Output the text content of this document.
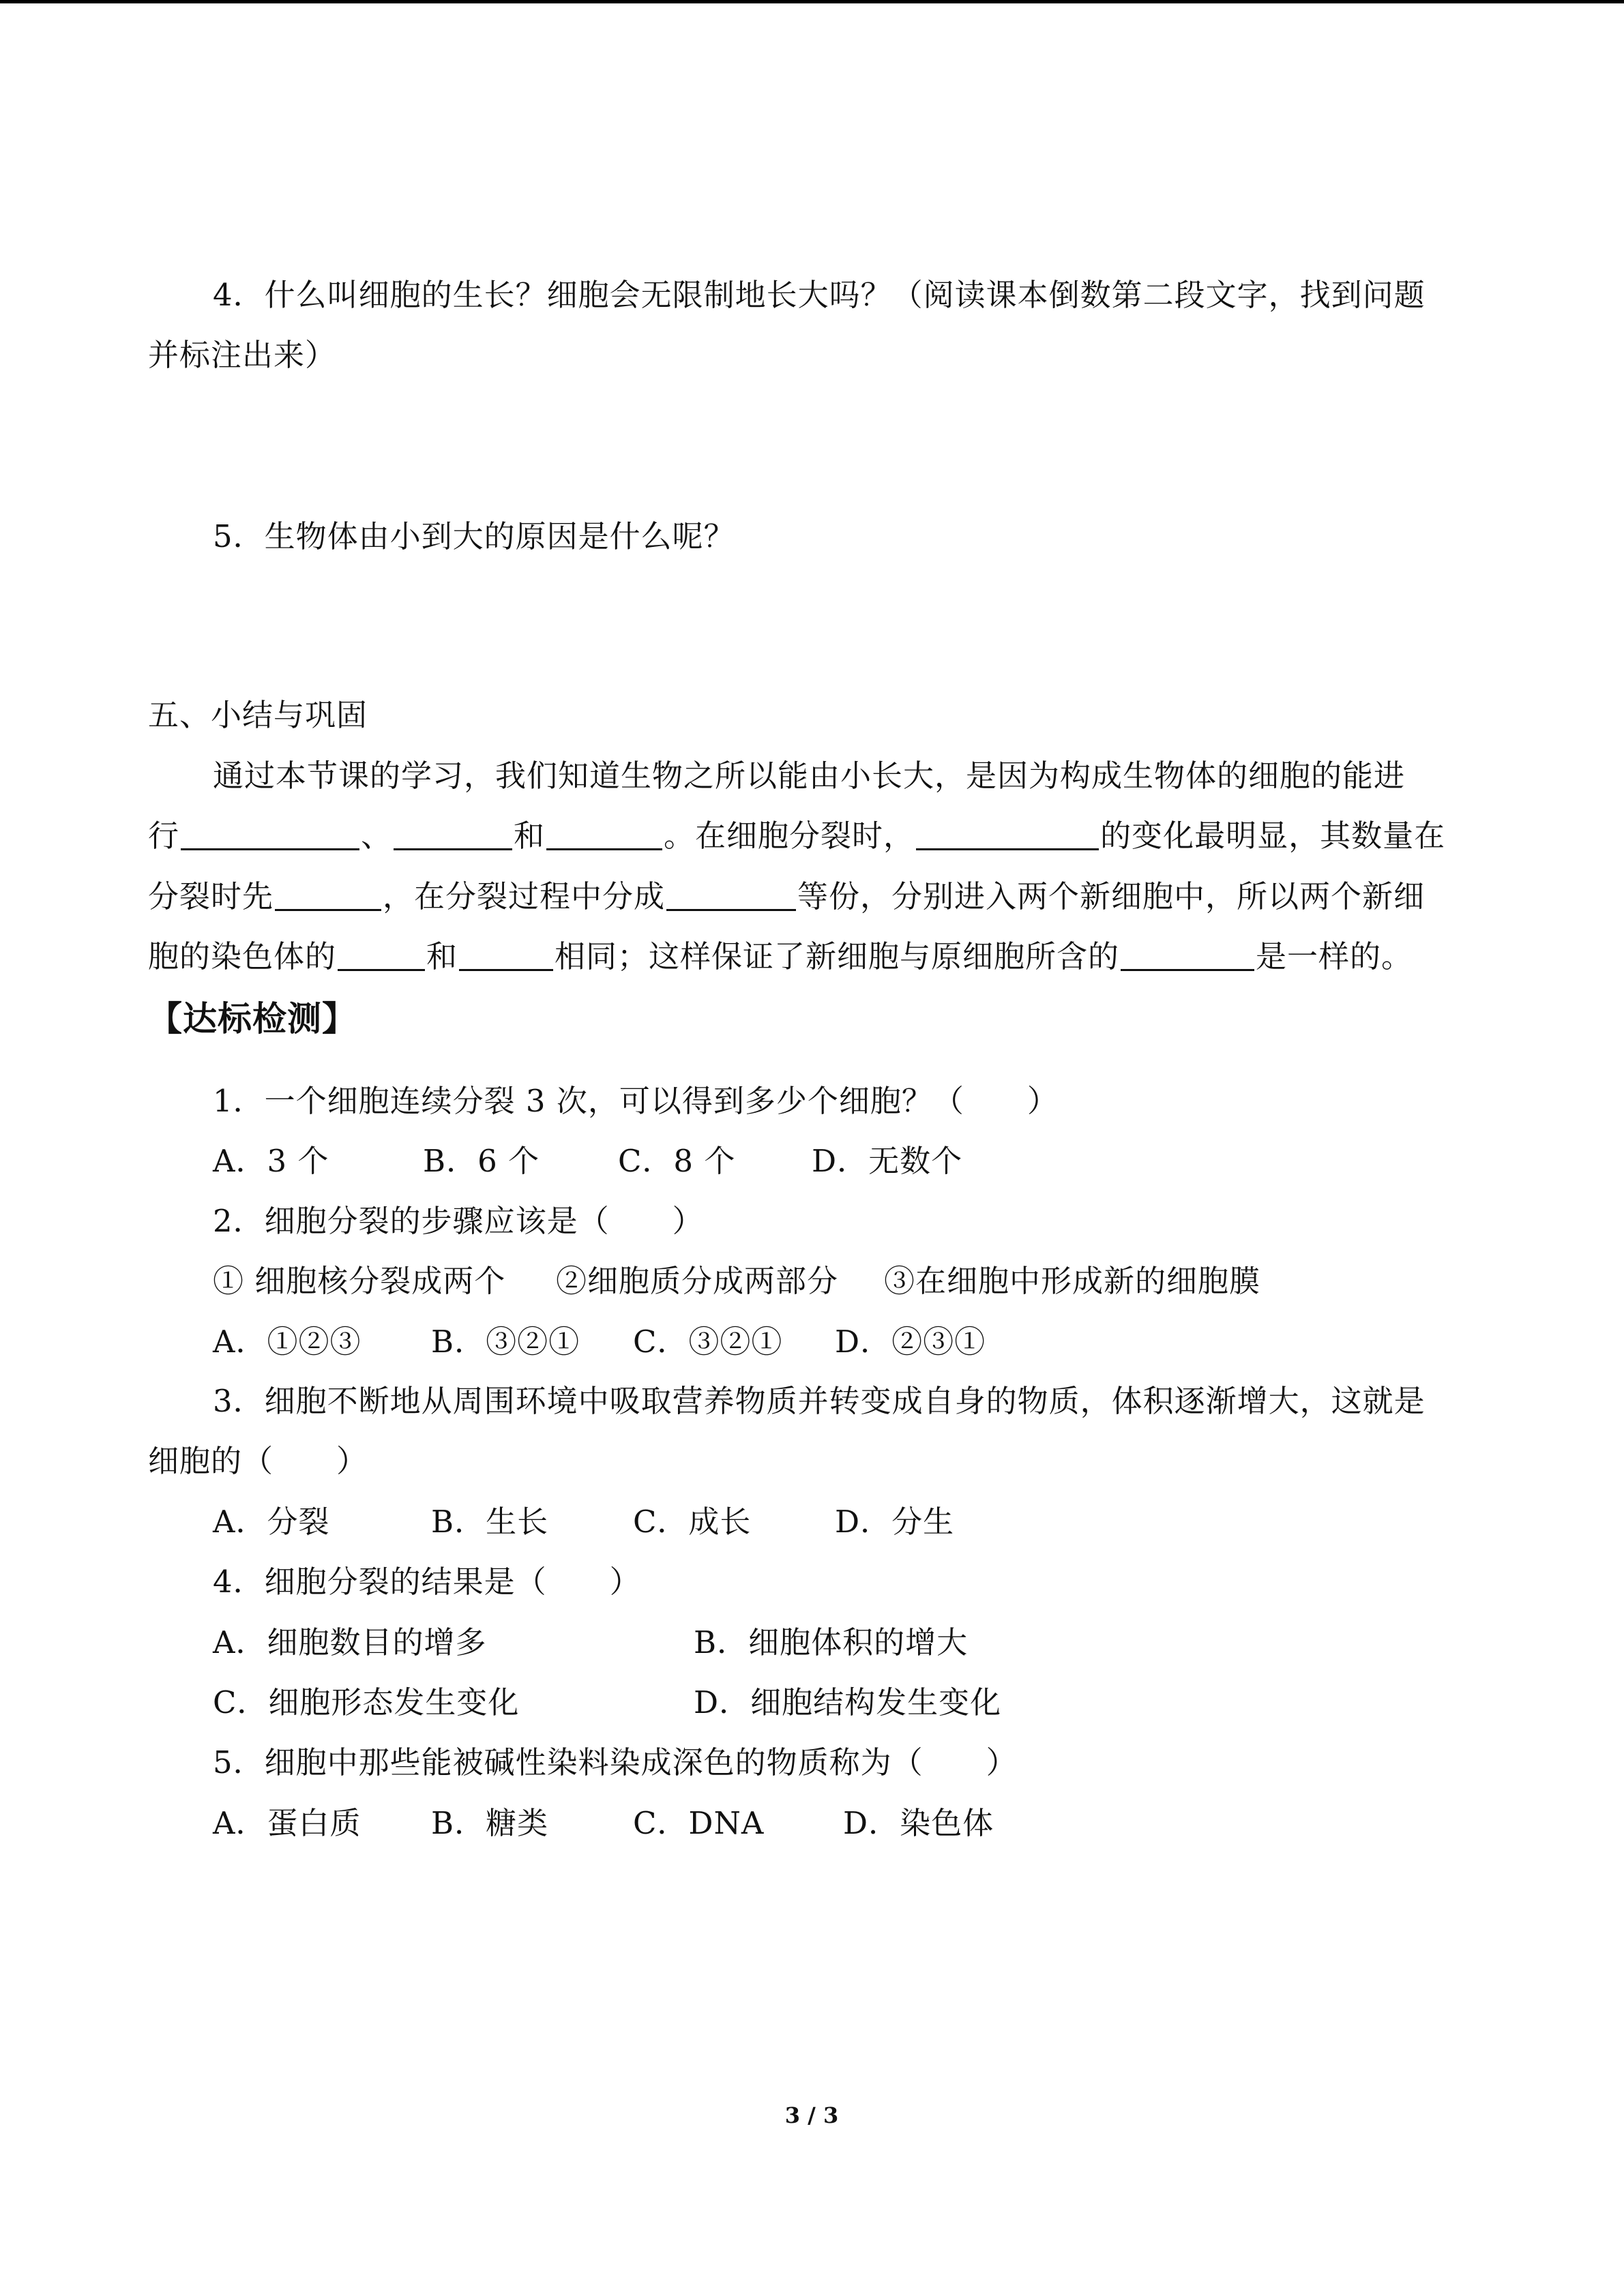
4．什么叫细胞的生长？细胞会无限制地长大吗？（阅读课本倒数第二段文字，找到问题

并标注出来）

5．生物体由小到大的原因是什么呢？

五、小结与巩固

通过本节课的学习，我们知道生物之所以能由小长大，是因为构成生物体的细胞的能进

行	、	和	。在细胞分裂时，	的变化最明显，其数量在

分裂时先	，在分裂过程中分成	等份，分别进入两个新细胞中，所以两个新细

胞的染色体的	和	相同；这样保证了新细胞与原细胞所含的	是一样的。

【达标检测】

1．一个细胞连续分裂 3 次，可以得到多少个细胞？（　　）

A．3 个	B．6 个	C．8 个 D．无数个

2．细胞分裂的步骤应该是（　　）

① 细胞核分裂成两个 ②细胞质分成两部分 ③在细胞中形成新的细胞膜

A．①②③ B．③②① C．③②① D．②③①

3．细胞不断地从周围环境中吸取营养物质并转变成自身的物质，体积逐渐增大，这就是

细胞的（　　）

A．分裂	B．生长	C．成长	D．分生

4．细胞分裂的结果是（　　）

A．细胞数目的增多	B．细胞体积的增大

C．细胞形态发生变化	D．细胞结构发生变化

5．细胞中那些能被碱性染料染成深色的物质称为（　　）

A．蛋白质 B．糖类	C．DNA	D．染色体

3 / 3
